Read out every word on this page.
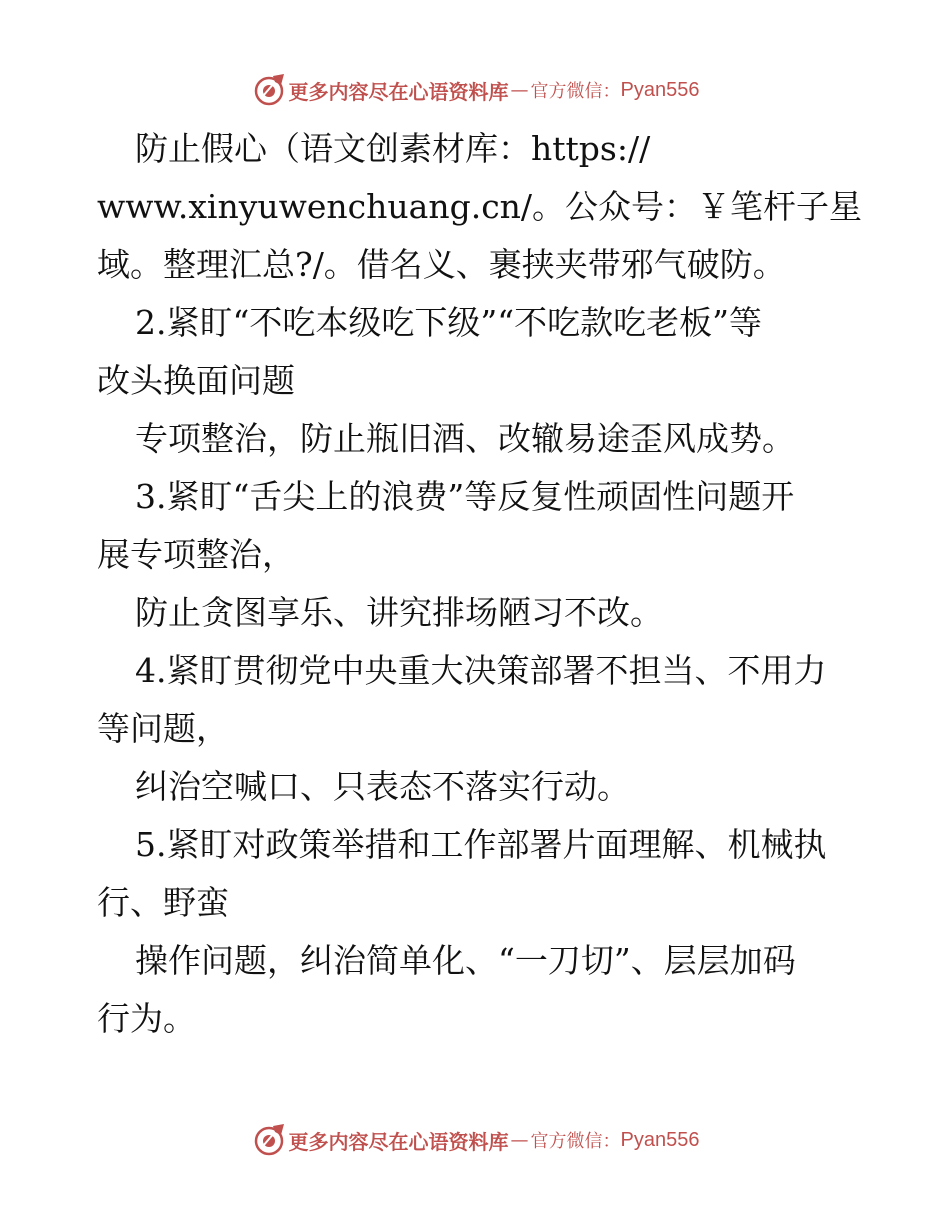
更多内容尽在心语资料库 — 官方微信： Pyan556
防止假心（语文创素材库：https://
www.xinyuwenchuang.cn/。公众号：￥笔杆子星
域。整理汇总?/。借名义、裹挟夹带邪气破防。
2.紧盯“不吃本级吃下级”“不吃款吃老板”等
改头换面问题
专项整治，防止瓶旧酒、改辙易途歪风成势。
3.紧盯“舌尖上的浪费”等反复性顽固性问题开
展专项整治，
防止贪图享乐、讲究排场陋习不改。
4.紧盯贯彻党中央重大决策部署不担当、不用力
等问题，
纠治空喊口、只表态不落实行动。
5.紧盯对政策举措和工作部署片面理解、机械执
行、野蛮
操作问题，纠治简单化、“一刀切”、层层加码
行为。
更多内容尽在心语资料库 — 官方微信： Pyan556
